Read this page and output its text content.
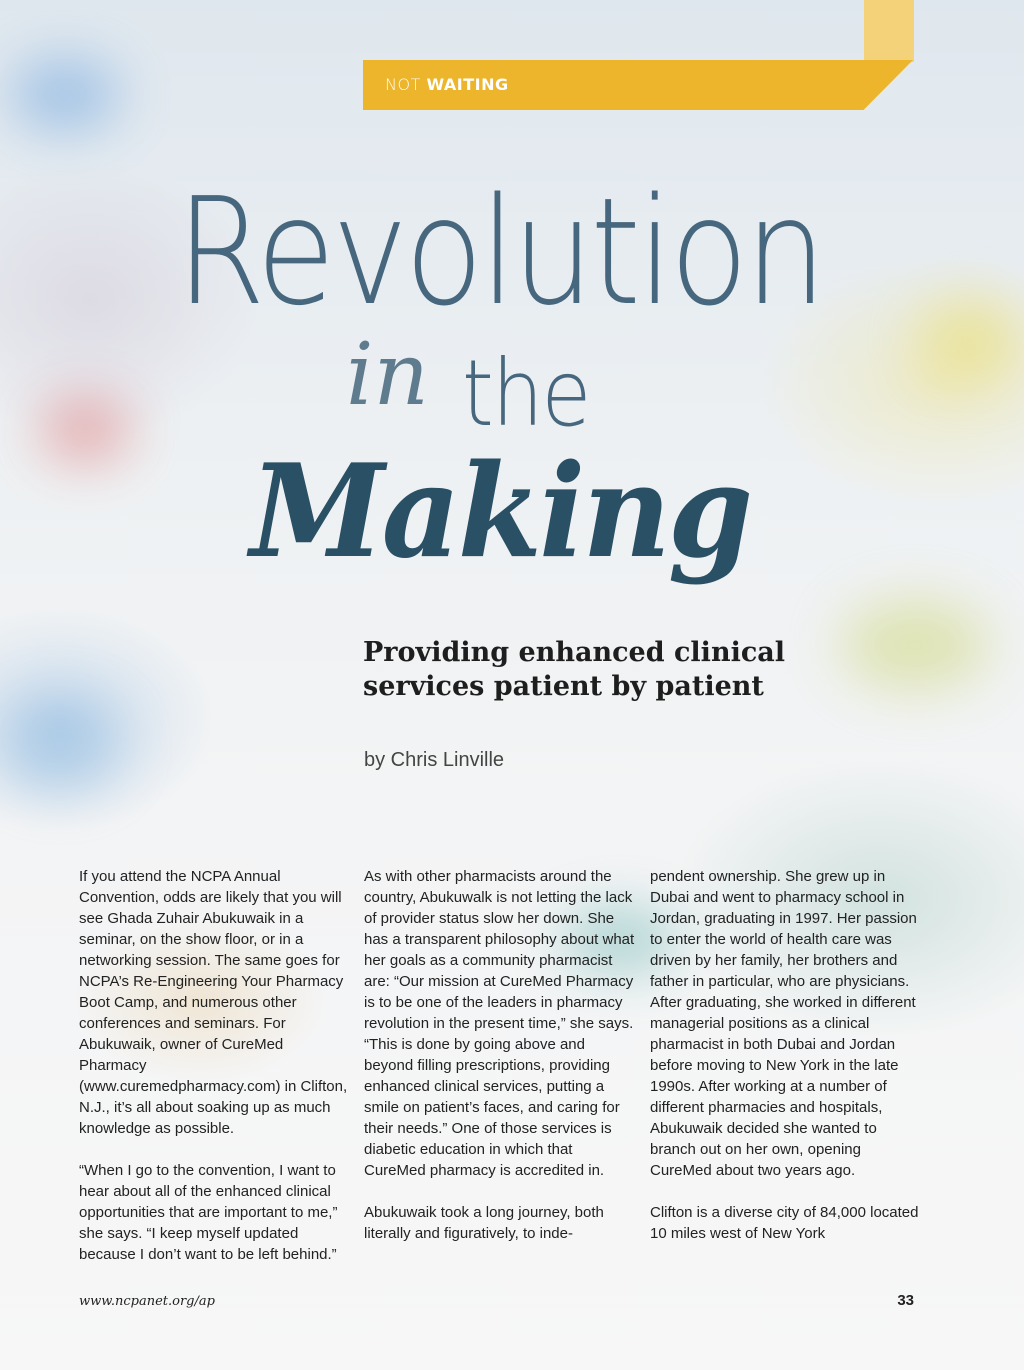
NOT WAITING
Revolution
in the
Making
Providing enhanced clinical services patient by patient
by Chris Linville

If you attend the NCPA Annual Convention, odds are likely that you will see Ghada Zuhair Abukuwaik in a seminar, on the show floor, or in a networking session. The same goes for NCPA’s Re-Engineering Your Pharmacy Boot Camp, and numerous other conferences and seminars. For Abukuwaik, owner of CureMed Pharmacy (www.curemedpharmacy.com) in Clifton, N.J., it’s all about soaking up as much knowledge as possible.

“When I go to the convention, I want to hear about all of the enhanced clinical opportunities that are important to me,” she says. “I keep myself updated because I don’t want to be left behind.”

As with other pharmacists around the country, Abukuwalk is not letting the lack of provider status slow her down. She has a transparent philosophy about what her goals as a community pharmacist are: “Our mission at CureMed Pharmacy is to be one of the leaders in pharmacy revolution in the present time,” she says. “This is done by going above and beyond filling prescriptions, providing enhanced clinical services, putting a smile on patient’s faces, and caring for their needs.” One of those services is diabetic education in which that CureMed pharmacy is accredited in.

Abukuwaik took a long journey, both literally and figuratively, to inde-

pendent ownership. She grew up in Dubai and went to pharmacy school in Jordan, graduating in 1997. Her passion to enter the world of health care was driven by her family, her brothers and father in particular, who are physicians. After graduating, she worked in different managerial positions as a clinical pharmacist in both Dubai and Jordan before moving to New York in the late 1990s. After working at a number of different pharmacies and hospitals, Abukuwaik decided she wanted to branch out on her own, opening CureMed about two years ago.

Clifton is a diverse city of 84,000 located 10 miles west of New York

www.ncpanet.org/ap	33
